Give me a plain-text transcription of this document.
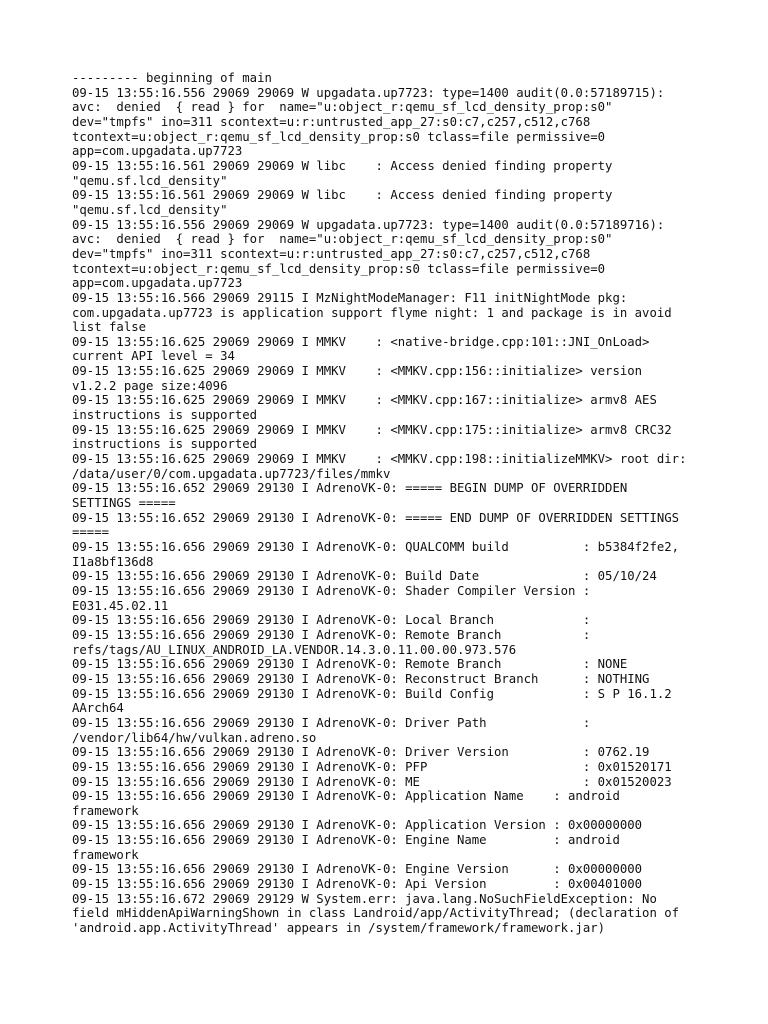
--------- beginning of main
09-15 13:55:16.556 29069 29069 W upgadata.up7723: type=1400 audit(0.0:57189715):
avc:  denied  { read } for  name="u:object_r:qemu_sf_lcd_density_prop:s0"
dev="tmpfs" ino=311 scontext=u:r:untrusted_app_27:s0:c7,c257,c512,c768
tcontext=u:object_r:qemu_sf_lcd_density_prop:s0 tclass=file permissive=0
app=com.upgadata.up7723
09-15 13:55:16.561 29069 29069 W libc    : Access denied finding property
"qemu.sf.lcd_density"
09-15 13:55:16.561 29069 29069 W libc    : Access denied finding property
"qemu.sf.lcd_density"
09-15 13:55:16.556 29069 29069 W upgadata.up7723: type=1400 audit(0.0:57189716):
avc:  denied  { read } for  name="u:object_r:qemu_sf_lcd_density_prop:s0"
dev="tmpfs" ino=311 scontext=u:r:untrusted_app_27:s0:c7,c257,c512,c768
tcontext=u:object_r:qemu_sf_lcd_density_prop:s0 tclass=file permissive=0
app=com.upgadata.up7723
09-15 13:55:16.566 29069 29115 I MzNightModeManager: F11 initNightMode pkg:
com.upgadata.up7723 is application support flyme night: 1 and package is in avoid
list false
09-15 13:55:16.625 29069 29069 I MMKV    : <native-bridge.cpp:101::JNI_OnLoad>
current API level = 34
09-15 13:55:16.625 29069 29069 I MMKV    : <MMKV.cpp:156::initialize> version
v1.2.2 page size:4096
09-15 13:55:16.625 29069 29069 I MMKV    : <MMKV.cpp:167::initialize> armv8 AES
instructions is supported
09-15 13:55:16.625 29069 29069 I MMKV    : <MMKV.cpp:175::initialize> armv8 CRC32
instructions is supported
09-15 13:55:16.625 29069 29069 I MMKV    : <MMKV.cpp:198::initializeMMKV> root dir:
/data/user/0/com.upgadata.up7723/files/mmkv
09-15 13:55:16.652 29069 29130 I AdrenoVK-0: ===== BEGIN DUMP OF OVERRIDDEN
SETTINGS =====
09-15 13:55:16.652 29069 29130 I AdrenoVK-0: ===== END DUMP OF OVERRIDDEN SETTINGS
=====
09-15 13:55:16.656 29069 29130 I AdrenoVK-0: QUALCOMM build          : b5384f2fe2,
I1a8bf136d8
09-15 13:55:16.656 29069 29130 I AdrenoVK-0: Build Date              : 05/10/24
09-15 13:55:16.656 29069 29130 I AdrenoVK-0: Shader Compiler Version :
E031.45.02.11
09-15 13:55:16.656 29069 29130 I AdrenoVK-0: Local Branch            :
09-15 13:55:16.656 29069 29130 I AdrenoVK-0: Remote Branch           :
refs/tags/AU_LINUX_ANDROID_LA.VENDOR.14.3.0.11.00.00.973.576
09-15 13:55:16.656 29069 29130 I AdrenoVK-0: Remote Branch           : NONE
09-15 13:55:16.656 29069 29130 I AdrenoVK-0: Reconstruct Branch      : NOTHING
09-15 13:55:16.656 29069 29130 I AdrenoVK-0: Build Config            : S P 16.1.2
AArch64
09-15 13:55:16.656 29069 29130 I AdrenoVK-0: Driver Path             :
/vendor/lib64/hw/vulkan.adreno.so
09-15 13:55:16.656 29069 29130 I AdrenoVK-0: Driver Version          : 0762.19
09-15 13:55:16.656 29069 29130 I AdrenoVK-0: PFP                     : 0x01520171
09-15 13:55:16.656 29069 29130 I AdrenoVK-0: ME                      : 0x01520023
09-15 13:55:16.656 29069 29130 I AdrenoVK-0: Application Name    : android
framework
09-15 13:55:16.656 29069 29130 I AdrenoVK-0: Application Version : 0x00000000
09-15 13:55:16.656 29069 29130 I AdrenoVK-0: Engine Name         : android
framework
09-15 13:55:16.656 29069 29130 I AdrenoVK-0: Engine Version      : 0x00000000
09-15 13:55:16.656 29069 29130 I AdrenoVK-0: Api Version         : 0x00401000
09-15 13:55:16.672 29069 29129 W System.err: java.lang.NoSuchFieldException: No
field mHiddenApiWarningShown in class Landroid/app/ActivityThread; (declaration of
'android.app.ActivityThread' appears in /system/framework/framework.jar)
